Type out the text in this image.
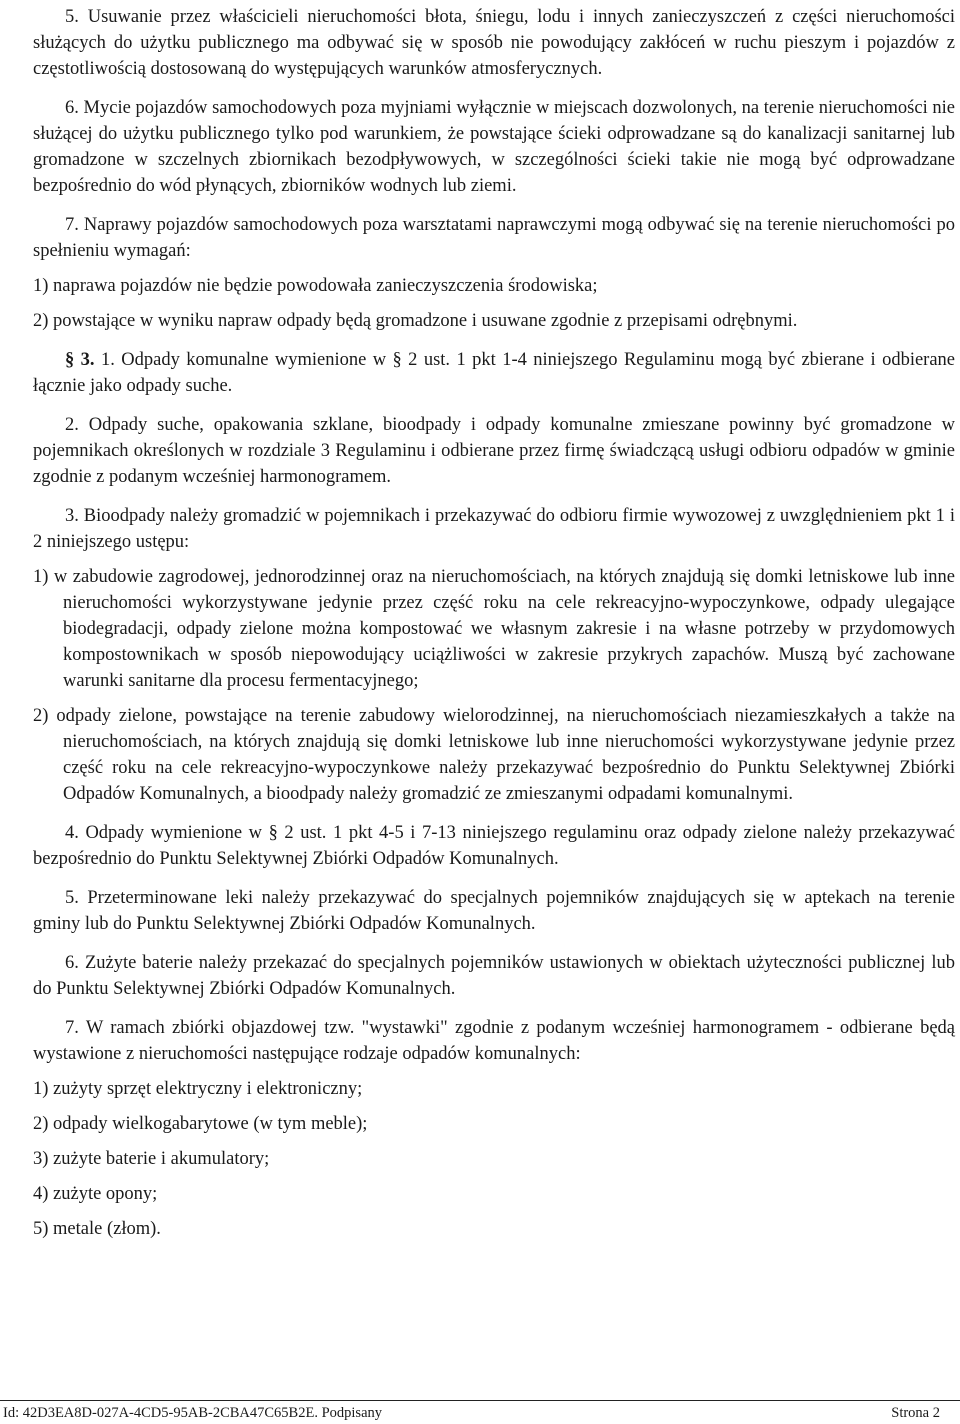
5. Usuwanie przez właścicieli nieruchomości błota, śniegu, lodu i innych zanieczyszczeń z części nieruchomości służących do użytku publicznego ma odbywać się w sposób nie powodujący zakłóceń w ruchu pieszym i pojazdów z częstotliwością dostosowaną do występujących warunków atmosferycznych.

6. Mycie pojazdów samochodowych poza myjniami wyłącznie w miejscach dozwolonych, na terenie nieruchomości nie służącej do użytku publicznego tylko pod warunkiem, że powstające ścieki odprowadzane są do kanalizacji sanitarnej lub gromadzone w szczelnych zbiornikach bezodpływowych, w szczególności ścieki takie nie mogą być odprowadzane bezpośrednio do wód płynących, zbiorników wodnych lub ziemi.

7. Naprawy pojazdów samochodowych poza warsztatami naprawczymi mogą odbywać się na terenie nieruchomości po spełnieniu wymagań:

1) naprawa pojazdów nie będzie powodowała zanieczyszczenia środowiska;

2) powstające w wyniku napraw odpady będą gromadzone i usuwane zgodnie z przepisami odrębnymi.

§ 3. 1. Odpady komunalne wymienione w § 2 ust. 1 pkt 1-4 niniejszego Regulaminu mogą być zbierane i odbierane łącznie jako odpady suche.

2. Odpady suche, opakowania szklane, bioodpady i odpady komunalne zmieszane powinny być gromadzone w pojemnikach określonych w rozdziale 3 Regulaminu i odbierane przez firmę świadczącą usługi odbioru odpadów w gminie zgodnie z podanym wcześniej harmonogramem.

3. Bioodpady należy gromadzić w pojemnikach i przekazywać do odbioru firmie wywozowej z uwzględnieniem pkt 1 i 2 niniejszego ustępu:

1) w zabudowie zagrodowej, jednorodzinnej oraz na nieruchomościach, na których znajdują się domki letniskowe lub inne nieruchomości wykorzystywane jedynie przez część roku na cele rekreacyjno-wypoczynkowe, odpady ulegające biodegradacji, odpady zielone można kompostować we własnym zakresie i na własne potrzeby w przydomowych kompostownikach w sposób niepowodujący uciążliwości w zakresie przykrych zapachów. Muszą być zachowane warunki sanitarne dla procesu fermentacyjnego;

2) odpady zielone, powstające na terenie zabudowy wielorodzinnej, na nieruchomościach niezamieszkałych a także na nieruchomościach, na których znajdują się domki letniskowe lub inne nieruchomości wykorzystywane jedynie przez część roku na cele rekreacyjno-wypoczynkowe należy przekazywać bezpośrednio do Punktu Selektywnej Zbiórki Odpadów Komunalnych, a bioodpady należy gromadzić ze zmieszanymi odpadami komunalnymi.

4. Odpady wymienione w § 2 ust. 1 pkt 4-5 i 7-13 niniejszego regulaminu oraz odpady zielone należy przekazywać bezpośrednio do Punktu Selektywnej Zbiórki Odpadów Komunalnych.

5. Przeterminowane leki należy przekazywać do specjalnych pojemników znajdujących się w aptekach na terenie gminy lub do Punktu Selektywnej Zbiórki Odpadów Komunalnych.

6. Zużyte baterie należy przekazać do specjalnych pojemników ustawionych w obiektach użyteczności publicznej lub do Punktu Selektywnej Zbiórki Odpadów Komunalnych.

7. W ramach zbiórki objazdowej tzw. "wystawki" zgodnie z podanym wcześniej harmonogramem - odbierane będą wystawione z nieruchomości następujące rodzaje odpadów komunalnych:

1) zużyty sprzęt elektryczny i elektroniczny;

2) odpady wielkogabarytowe (w tym meble);

3) zużyte baterie i akumulatory;

4) zużyte opony;

5) metale (złom).

Id: 42D3EA8D-027A-4CD5-95AB-2CBA47C65B2E. Podpisany	Strona 2
